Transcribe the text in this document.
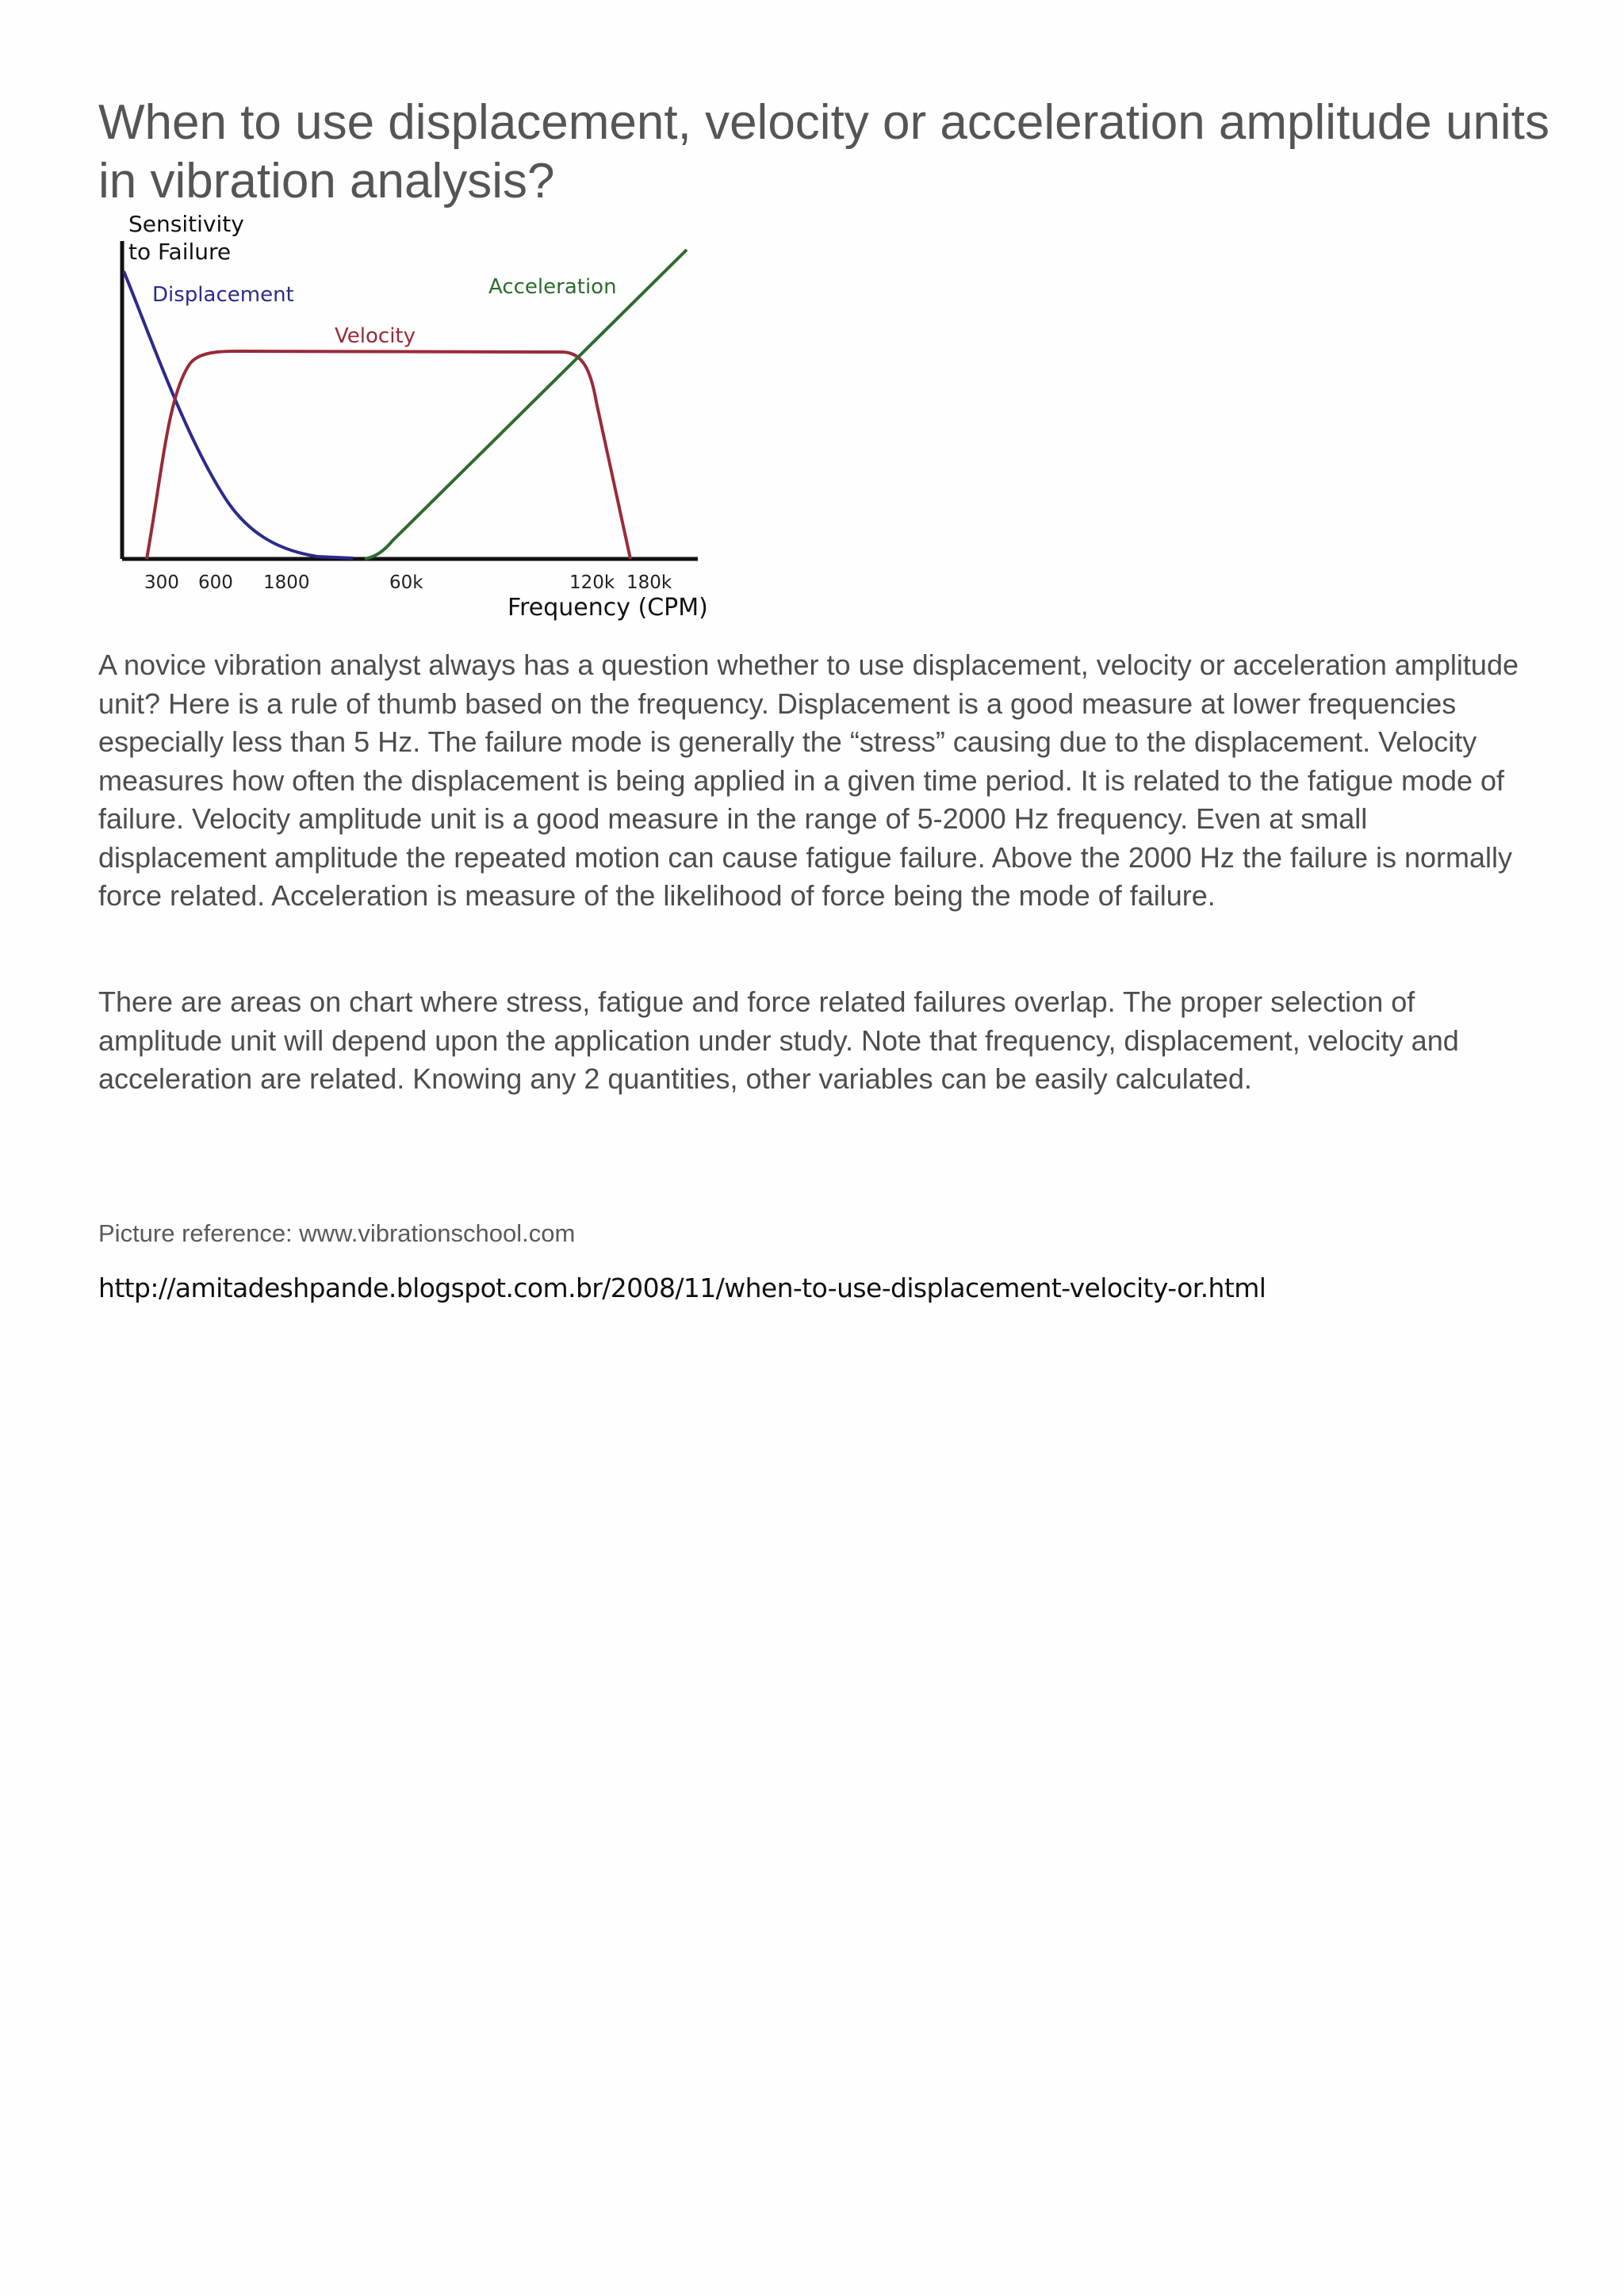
When to use displacement, velocity or acceleration amplitude units in vibration analysis?
Sensitivity
to Failure
Displacement
Velocity
Acceleration
300 600 1800	60k	120k 180k
Frequency (CPM)

A novice vibration analyst always has a question whether to use displacement, velocity or acceleration amplitude unit? Here is a rule of thumb based on the frequency. Displacement is a good measure at lower frequencies especially less than 5 Hz. The failure mode is generally the “stress” causing due to the displacement. Velocity measures how often the displacement is being applied in a given time period. It is related to the fatigue mode of failure. Velocity amplitude unit is a good measure in the range of 5-2000 Hz frequency. Even at small displacement amplitude the repeated motion can cause fatigue failure. Above the 2000 Hz the failure is normally force related. Acceleration is measure of the likelihood of force being the mode of failure.

There are areas on chart where stress, fatigue and force related failures overlap. The proper selection of amplitude unit will depend upon the application under study. Note that frequency, displacement, velocity and acceleration are related. Knowing any 2 quantities, other variables can be easily calculated.

Picture reference: www.vibrationschool.com

http://amitadeshpande.blogspot.com.br/2008/11/when-to-use-displacement-velocity-or.html
